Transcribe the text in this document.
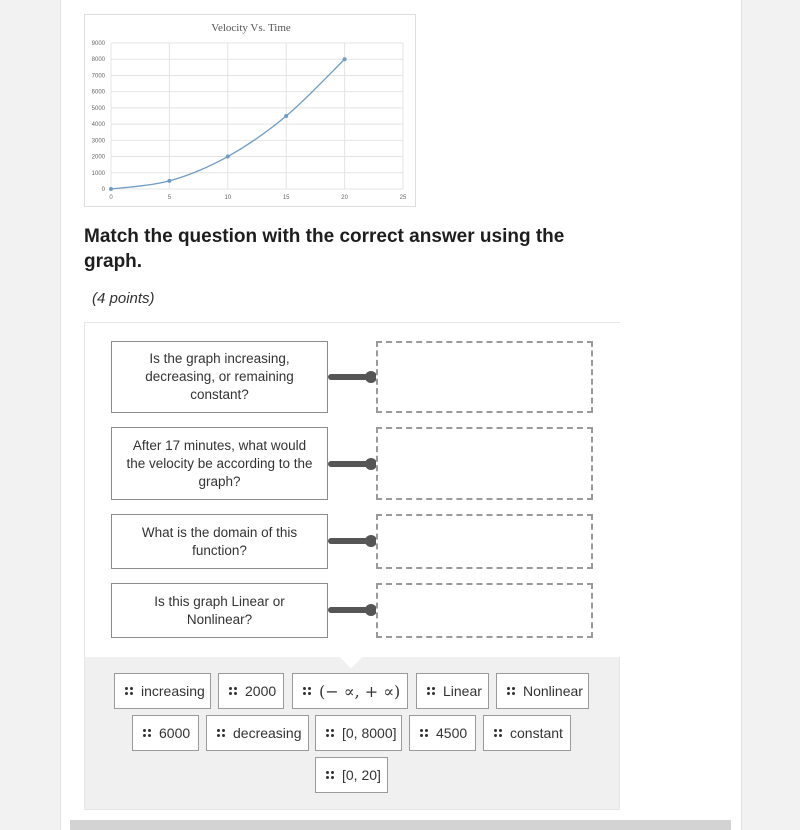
Velocity Vs. Time
0
1000
2000
3000
4000
5000
6000
7000
8000
9000
0	5	10	15	20	25
Match the question with the correct answer using the graph.
(4 points)
Is the graph increasing, decreasing, or remaining constant?
After 17 minutes, what would the velocity be according to the graph?
What is the domain of this function?
Is this graph Linear or Nonlinear?
increasing	2000	(− ∝, + ∝)	Linear	Nonlinear
6000	decreasing	[0, 8000]	4500	constant
[0, 20]
